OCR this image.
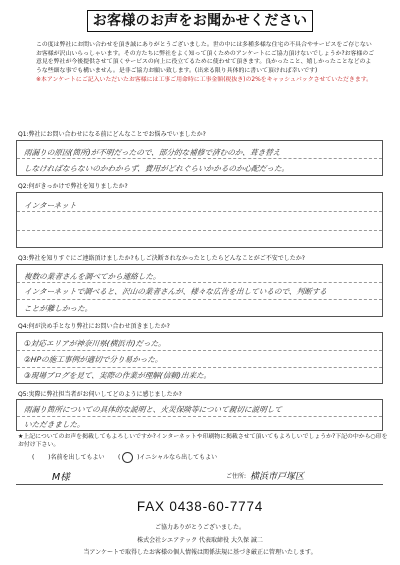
お客様のお声をお聞かせください
この度は弊社にお問い合わせを頂き誠にありがとうございました。世の中には多種多様な住宅の不具合やサービスをご存じないお客様が沢山いらっしゃいます。その方たちに弊社をよく知って頂くためのアンケートにご協力頂けないでしょうか?お客様のご意見を弊社が今後提供させて頂くサービスの向上に役立てるために使わせて頂きます。良かったこと、嬉しかったことなどのような些細な事でも構いません。是非ご協力お願い致します。(出来る限り具体的に書いて頂ければ幸いです)
※本アンケートにご記入いただいたお客様には工事ご用命時に工事金額(税抜き)の2%をキャッシュバックさせていただきます。
Q1:弊社にお問い合わせになる前にどんなことでお悩みでいましたか?
雨漏りの原因(箇所)が不明だったので、部分的な補修で済むのか、葺き替え
しなければならないのかわからず、費用がどれぐらいかかるのか心配だった。
Q2:何がきっかけで弊社を知りましたか?
インターネット
Q3:弊社を知りすぐにご連絡頂けましたか?もしご決断されなかったとしたらどんなことがご不安でしたか?
複数の業者さんを調べてから連絡した。
インターネットで調べると、沢山の業者さんが、様々な広告を出しているので、判断する
ことが難しかった。
Q4:何が決め手となり弊社にお問い合わせ頂きましたか?
①対応エリアが神奈川県(横浜市)だった。
②HPの施工事例が適切で分り易かった。
③現場ブログを見て、実際の作業が理解(信頼)出来た。
Q5:実際に弊社担当者がお伺いしてどのように感じましたか?
雨漏り箇所についての具体的な説明と、火災保険等について親切に説明して
いただきました。
★上記についてのお声を掲載してもよろしいですか?インターネットや印刷物に掲載させて頂いてもよろしいでしょうか?下記の中から○印をお付け下さい。
(  )名前を出してもよい (  )イニシャルなら出してもよい
M様	ご住所: 横浜市戸塚区
FAX 0438-60-7774
ご協力ありがとうございました。
株式会社シエアテック 代表取締役 大久保 誠二
当アンケートで取得したお客様の個人情報は関係法規に基づき厳正に管理いたします。
